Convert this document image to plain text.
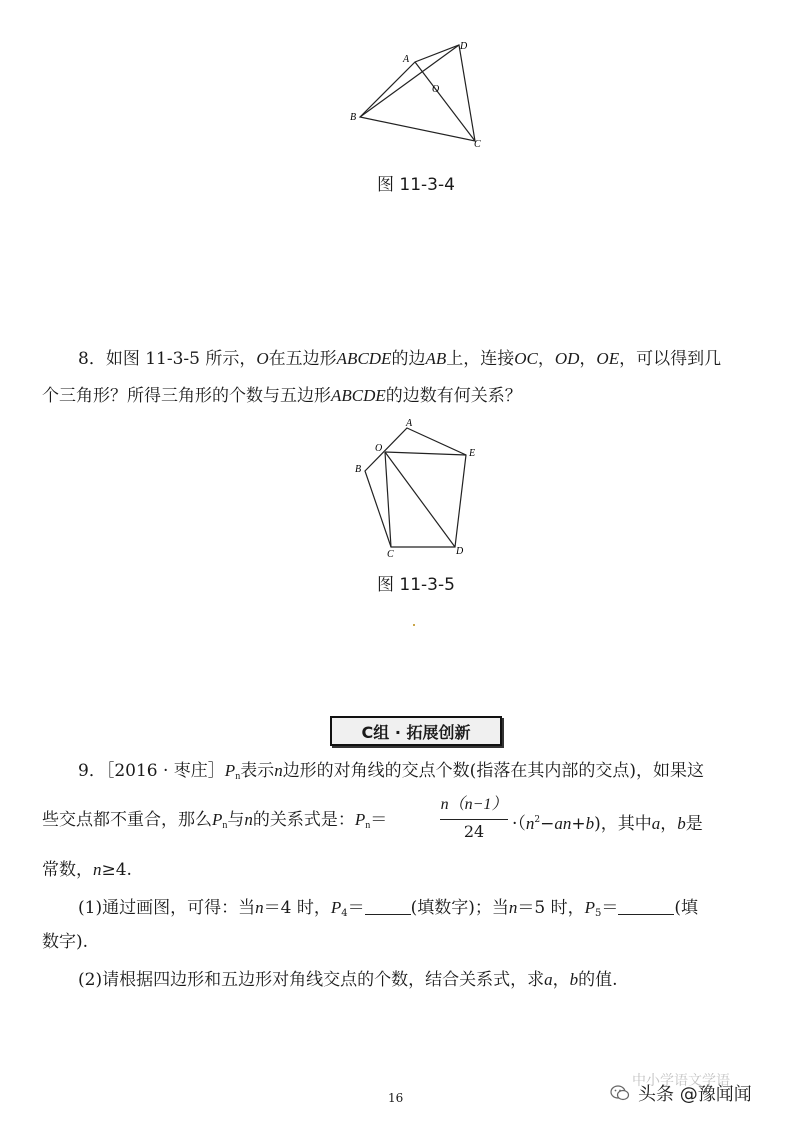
A
B
C
D
O
图 11-3-4
8．如图 11-3-5 所示，O在五边形ABCDE的边AB上，连接OC，OD，OE，可以得到几
个三角形？所得三角形的个数与五边形ABCDE的边数有何关系？
A
B
C	D
E
O
图 11-3-5
C组 · 拓展创新
9．［2016 · 枣庄$]P_n$表示n边形的对角线的交点个数(指落在其内部的交点)，如果这
些交点都不重合，那么$P_n$与n的关系式是：$P_n=$
n（n−1）
24	$\cdot(n^2-an+b)$，其中a，b是
常数，n≥4.
(1)通过画图，可得：当n＝4 时，$P_4=$	(填数字)；当n＝5 时，$P_5=$	(填
数字).
(2)请根据四边形和五边形对角线交点的个数，结合关系式，求a，b的值.
16
中小学语文学语
头条 @豫闻闻
